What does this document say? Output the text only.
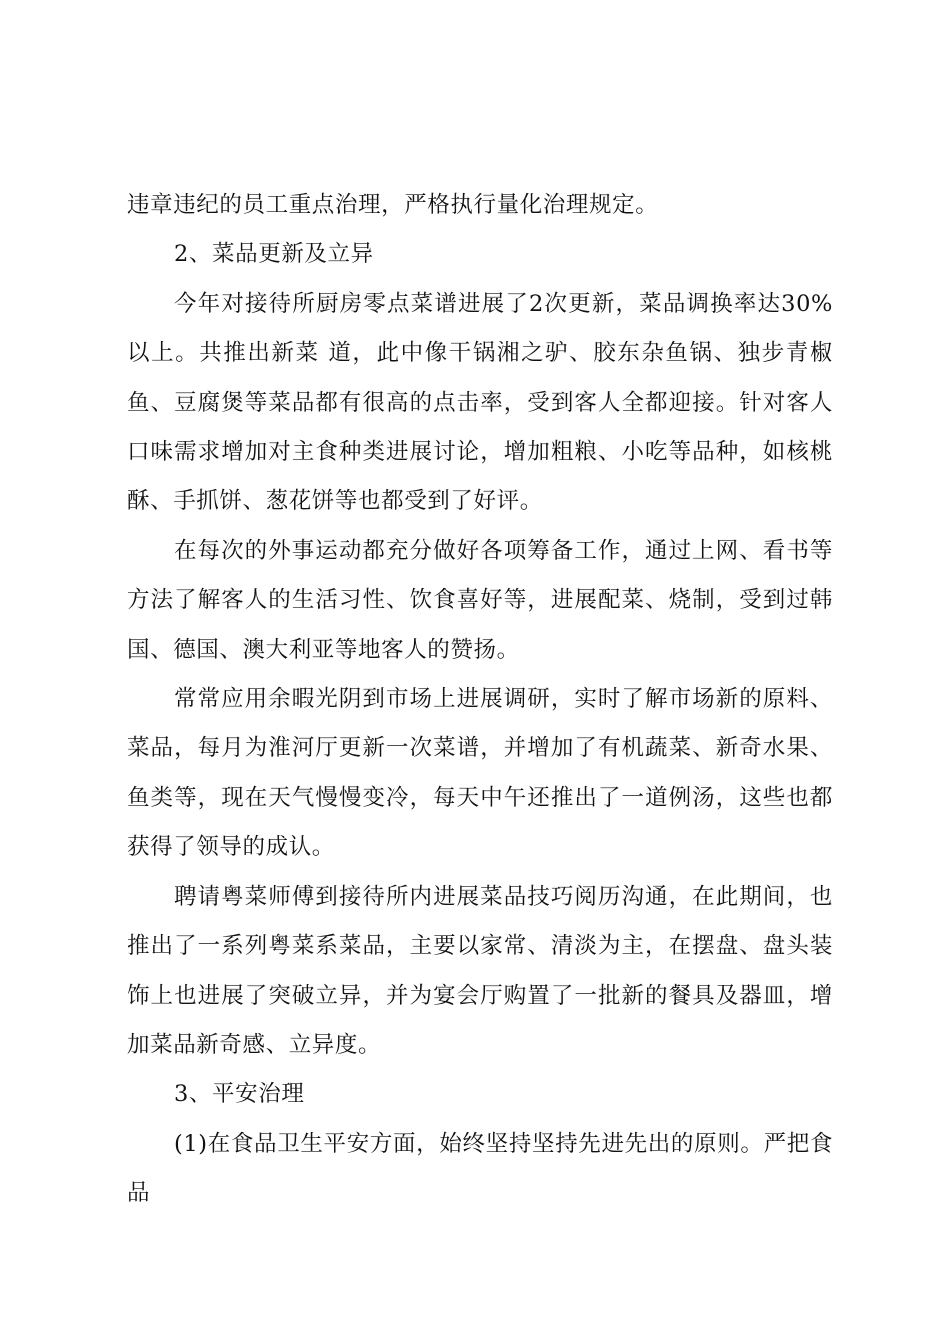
违章违纪的员工重点治理，严格执行量化治理规定。

2、菜品更新及立异

今年对接待所厨房零点菜谱进展了2次更新，菜品调换率达30%以上。共推出新菜 道，此中像干锅湘之驴、胶东杂鱼锅、独步青椒鱼、豆腐煲等菜品都有很高的点击率，受到客人全都迎接。针对客人口味需求增加对主食种类进展讨论，增加粗粮、小吃等品种，如核桃酥、手抓饼、葱花饼等也都受到了好评。

在每次的外事运动都充分做好各项筹备工作，通过上网、看书等方法了解客人的生活习性、饮食喜好等，进展配菜、烧制，受到过韩国、德国、澳大利亚等地客人的赞扬。

常常应用余暇光阴到市场上进展调研，实时了解市场新的原料、菜品，每月为淮河厅更新一次菜谱，并增加了有机蔬菜、新奇水果、鱼类等，现在天气慢慢变冷，每天中午还推出了一道例汤，这些也都获得了领导的成认。

聘请粤菜师傅到接待所内进展菜品技巧阅历沟通，在此期间，也推出了一系列粤菜系菜品，主要以家常、清淡为主，在摆盘、盘头装饰上也进展了突破立异，并为宴会厅购置了一批新的餐具及器皿，增加菜品新奇感、立异度。

3、平安治理

(1)在食品卫生平安方面，始终坚持坚持先进先出的原则。严把食品
